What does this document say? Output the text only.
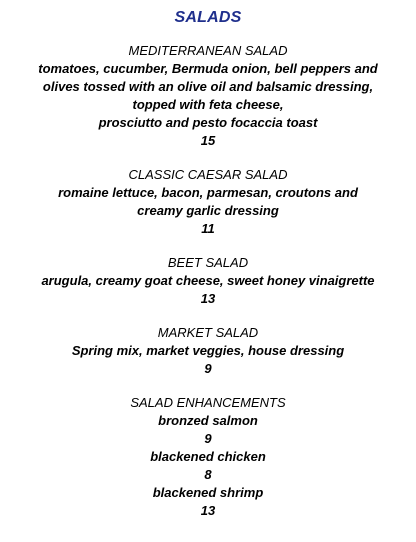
SALADS
MEDITERRANEAN SALAD
tomatoes, cucumber, Bermuda onion, bell peppers and
olives tossed with an olive oil and balsamic dressing,
topped with feta cheese,
prosciutto and pesto focaccia toast
15
CLASSIC CAESAR SALAD
romaine lettuce, bacon, parmesan, croutons and
creamy garlic dressing
11
BEET SALAD
arugula, creamy goat cheese, sweet honey vinaigrette
13
MARKET SALAD
Spring mix, market veggies, house dressing
9
SALAD ENHANCEMENTS
bronzed salmon
9
blackened chicken
8
blackened shrimp
13
